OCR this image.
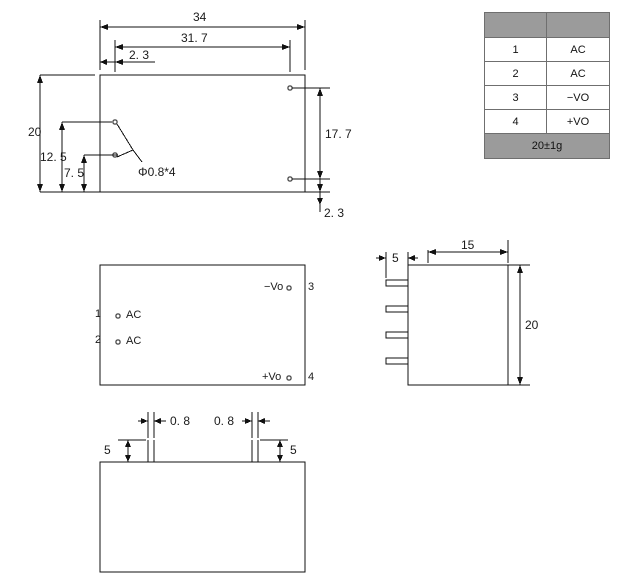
34
31. 7
2. 3
20
12. 5
7. 5	Φ0.8*4
17. 7
2. 3
1 AC
2 AC
−Vo 3
+Vo 4
5
15
20
0. 8 0. 8
5	5

1	AC
2	AC
3	−VO
4	+VO
20±1g	
